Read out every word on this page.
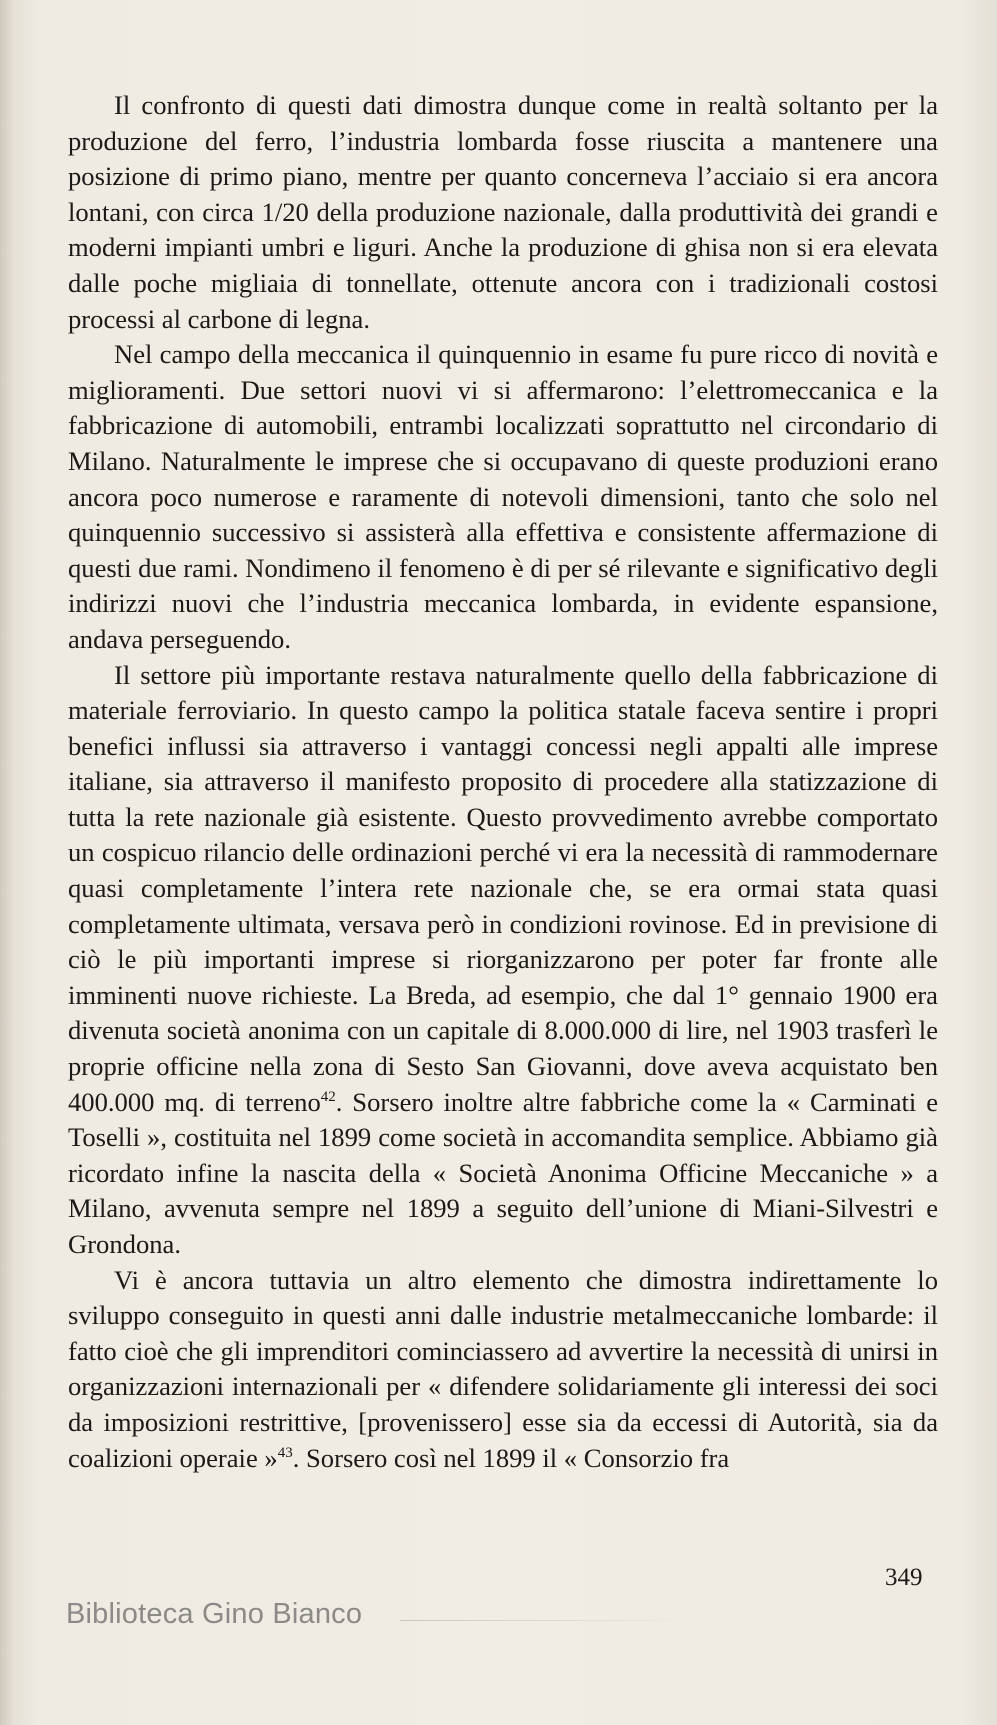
Il confronto di questi dati dimostra dunque come in realtà soltanto per la produzione del ferro, l’industria lombarda fosse riuscita a mantenere una posizione di primo piano, mentre per quanto concerneva l’acciaio si era ancora lontani, con circa 1/20 della produzione nazionale, dalla produttività dei grandi e moderni impianti umbri e liguri. Anche la produzione di ghisa non si era elevata dalle poche migliaia di tonnellate, ottenute ancora con i tradizionali costosi processi al carbone di legna.

Nel campo della meccanica il quinquennio in esame fu pure ricco di novità e miglioramenti. Due settori nuovi vi si affermarono: l’elettromeccanica e la fabbricazione di automobili, entrambi localizzati soprattutto nel circondario di Milano. Naturalmente le imprese che si occupavano di queste produzioni erano ancora poco numerose e raramente di notevoli dimensioni, tanto che solo nel quinquennio successivo si assisterà alla effettiva e consistente affermazione di questi due rami. Nondimeno il fenomeno è di per sé rilevante e significativo degli indirizzi nuovi che l’industria meccanica lombarda, in evidente espansione, andava perseguendo.

Il settore più importante restava naturalmente quello della fabbricazione di materiale ferroviario. In questo campo la politica statale faceva sentire i propri benefici influssi sia attraverso i vantaggi concessi negli appalti alle imprese italiane, sia attraverso il manifesto proposito di procedere alla statizzazione di tutta la rete nazionale già esistente. Questo provvedimento avrebbe comportato un cospicuo rilancio delle ordinazioni perché vi era la necessità di rammodernare quasi completamente l’intera rete nazionale che, se era ormai stata quasi completamente ultimata, versava però in condizioni rovinose. Ed in previsione di ciò le più importanti imprese si riorganizzarono per poter far fronte alle imminenti nuove richieste. La Breda, ad esempio, che dal 1° gennaio 1900 era divenuta società anonima con un capitale di 8.000.000 di lire, nel 1903 trasferì le proprie officine nella zona di Sesto San Giovanni, dove aveva acquistato ben 400.000 mq. di terreno$^{42}$. Sorsero inoltre altre fabbriche come la « Carminati e Toselli », costituita nel 1899 come società in accomandita semplice. Abbiamo già ricordato infine la nascita della « Società Anonima Officine Meccaniche » a Milano, avvenuta sempre nel 1899 a seguito dell’unione di Miani-Silvestri e Grondona.

Vi è ancora tuttavia un altro elemento che dimostra indirettamente lo sviluppo conseguito in questi anni dalle industrie metalmeccaniche lombarde: il fatto cioè che gli imprenditori cominciassero ad avvertire la necessità di unirsi in organizzazioni internazionali per « difendere solidariamente gli interessi dei soci da imposizioni restrittive, [provenissero] esse sia da eccessi di Autorità, sia da coalizioni operaie »$^{43}$. Sorsero così nel 1899 il « Consorzio fra

349
Biblioteca Gino Bianco
